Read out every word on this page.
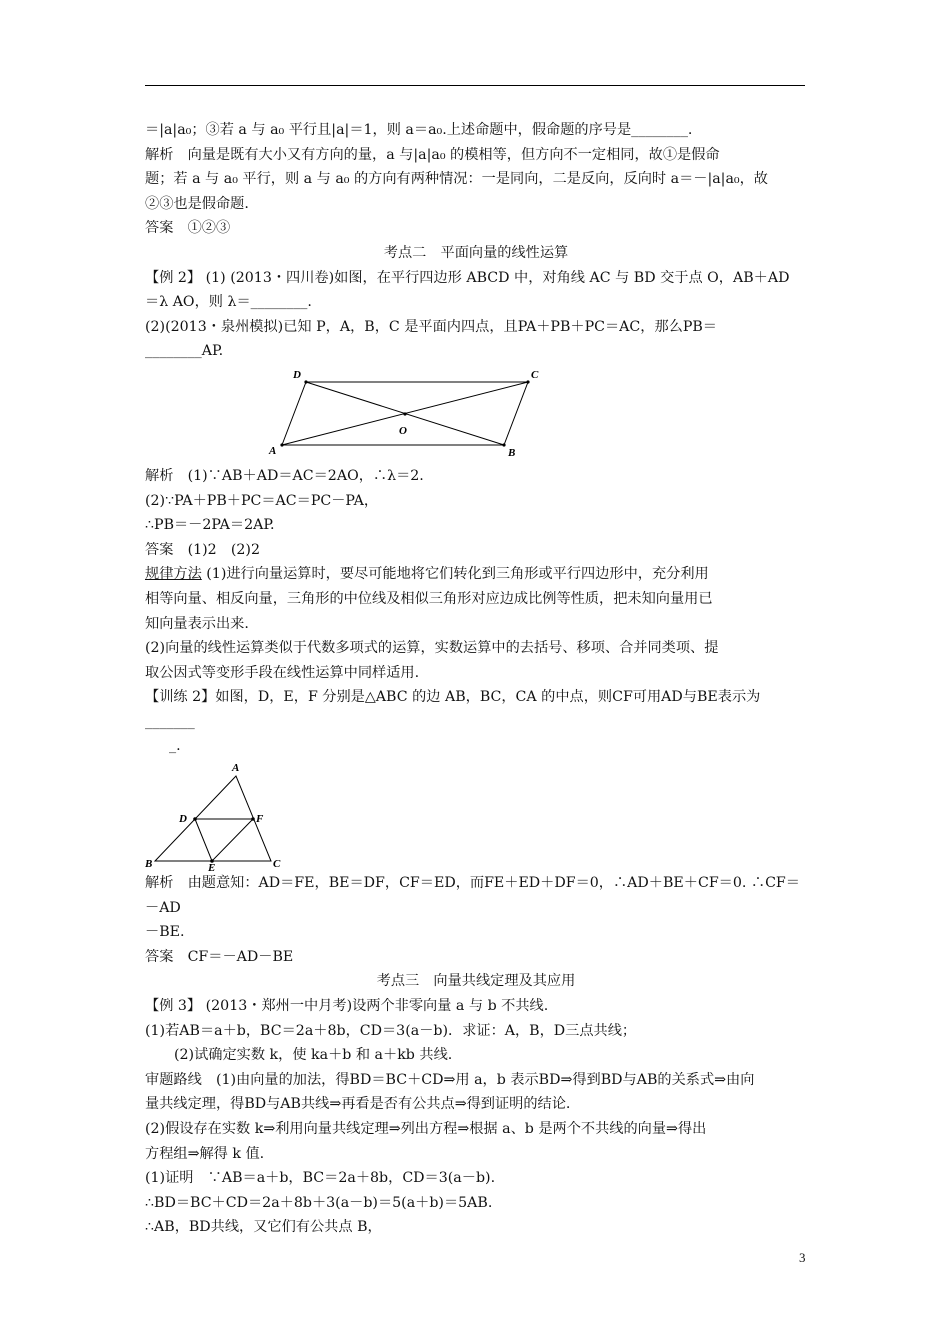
＝|a|a₀；③若 a 与 a₀ 平行且|a|＝1，则 a＝a₀.上述命题中，假命题的序号是________.

解析　向量是既有大小又有方向的量，a 与|a|a₀ 的模相等，但方向不一定相同，故①是假命

题；若 a 与 a₀ 平行，则 a 与 a₀ 的方向有两种情况：一是同向，二是反向，反向时 a＝－|a|a₀，故

②③也是假命题.

答案　①②③

考点二　平面向量的线性运算

【例 2】 (1) (2013・四川卷)如图，在平行四边形 ABCD 中，对角线 AC 与 BD 交于点 O，AB＋AD

＝λ AO，则 λ＝________.

(2)(2013・泉州模拟)已知 P，A，B，C 是平面内四点，且PA＋PB＋PC＝AC，那么PB＝

________AP.

A
D	C
B
O

解析　(1)∵AB＋AD＝AC＝2AO，∴λ＝2.

(2)∵PA＋PB＋PC＝AC＝PC－PA，

∴PB＝－2PA＝2AP.

答案　(1)2　(2)2

规律方法 (1)进行向量运算时，要尽可能地将它们转化到三角形或平行四边形中，充分利用

相等向量、相反向量，三角形的中位线及相似三角形对应边成比例等性质，把未知向量用已

知向量表示出来.

(2)向量的线性运算类似于代数多项式的运算，实数运算中的去括号、移项、合并同类项、提

取公因式等变形手段在线性运算中同样适用.

【训练 2】如图，D，E，F 分别是△ABC 的边 AB，BC，CA 的中点，则CF可用AD与BE表示为_______

_.

A
D	F
B	C
E

解析　由题意知：AD＝FE，BE＝DF，CF＝ED，而FE＋ED＋DF＝0，∴AD＋BE＋CF＝0. ∴CF＝－AD

－BE.

答案　CF＝－AD－BE

考点三　向量共线定理及其应用

【例 3】 (2013・郑州一中月考)设两个非零向量 a 与 b 不共线.

(1)若AB＝a＋b，BC＝2a＋8b，CD＝3(a－b)．求证：A，B，D三点共线；

(2)试确定实数 k，使 ka＋b 和 a＋kb 共线.

审题路线　(1)由向量的加法，得BD＝BC＋CD⇒用 a，b 表示BD⇒得到BD与AB的关系式⇒由向

量共线定理，得BD与AB共线⇒再看是否有公共点⇒得到证明的结论.

(2)假设存在实数 k⇒利用向量共线定理⇒列出方程⇒根据 a、b 是两个不共线的向量⇒得出

方程组⇒解得 k 值.

(1)证明　∵AB＝a＋b，BC＝2a＋8b，CD＝3(a－b).

∴BD＝BC＋CD＝2a＋8b＋3(a－b)＝5(a＋b)＝5AB.

∴AB，BD共线，又它们有公共点 B，

3
